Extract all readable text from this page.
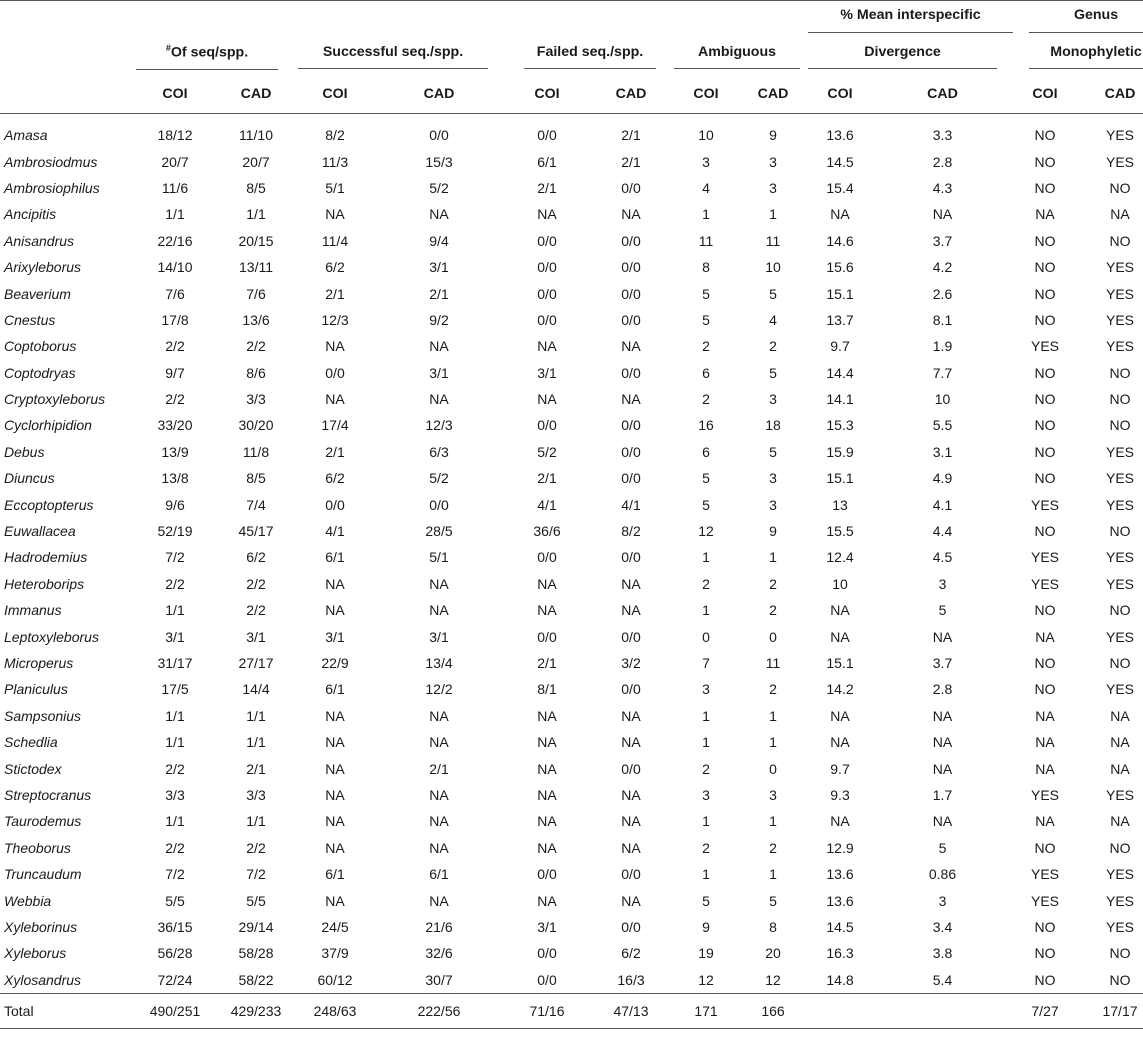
									% Mean interspecific		Genus	

	#Of seq/spp.		Successful seq./spp.		Failed seq./spp.		Ambiguous		Divergence		Monophyletic	

	COI	CAD	COI	CAD	COI	CAD	COI	CAD	COI	CAD	COI	CAD
Amasa	18/12	11/10	8/2	0/0	0/0	2/1	10	9	13.6	3.3	NO	YES
Ambrosiodmus	20/7	20/7	11/3	15/3	6/1	2/1	3	3	14.5	2.8	NO	YES
Ambrosiophilus	11/6	8/5	5/1	5/2	2/1	0/0	4	3	15.4	4.3	NO	NO
Ancipitis	1/1	1/1	NA	NA	NA	NA	1	1	NA	NA	NA	NA
Anisandrus	22/16	20/15	11/4	9/4	0/0	0/0	11	11	14.6	3.7	NO	NO
Arixyleborus	14/10	13/11	6/2	3/1	0/0	0/0	8	10	15.6	4.2	NO	YES
Beaverium	7/6	7/6	2/1	2/1	0/0	0/0	5	5	15.1	2.6	NO	YES
Cnestus	17/8	13/6	12/3	9/2	0/0	0/0	5	4	13.7	8.1	NO	YES
Coptoborus	2/2	2/2	NA	NA	NA	NA	2	2	9.7	1.9	YES	YES
Coptodryas	9/7	8/6	0/0	3/1	3/1	0/0	6	5	14.4	7.7	NO	NO
Cryptoxyleborus	2/2	3/3	NA	NA	NA	NA	2	3	14.1	10	NO	NO
Cyclorhipidion	33/20	30/20	17/4	12/3	0/0	0/0	16	18	15.3	5.5	NO	NO
Debus	13/9	11/8	2/1	6/3	5/2	0/0	6	5	15.9	3.1	NO	YES
Diuncus	13/8	8/5	6/2	5/2	2/1	0/0	5	3	15.1	4.9	NO	YES
Eccoptopterus	9/6	7/4	0/0	0/0	4/1	4/1	5	3	13	4.1	YES	YES
Euwallacea	52/19	45/17	4/1	28/5	36/6	8/2	12	9	15.5	4.4	NO	NO
Hadrodemius	7/2	6/2	6/1	5/1	0/0	0/0	1	1	12.4	4.5	YES	YES
Heteroborips	2/2	2/2	NA	NA	NA	NA	2	2	10	3	YES	YES
Immanus	1/1	2/2	NA	NA	NA	NA	1	2	NA	5	NO	NO
Leptoxyleborus	3/1	3/1	3/1	3/1	0/0	0/0	0	0	NA	NA	NA	YES
Microperus	31/17	27/17	22/9	13/4	2/1	3/2	7	11	15.1	3.7	NO	NO
Planiculus	17/5	14/4	6/1	12/2	8/1	0/0	3	2	14.2	2.8	NO	YES
Sampsonius	1/1	1/1	NA	NA	NA	NA	1	1	NA	NA	NA	NA
Schedlia	1/1	1/1	NA	NA	NA	NA	1	1	NA	NA	NA	NA
Stictodex	2/2	2/1	NA	2/1	NA	0/0	2	0	9.7	NA	NA	NA
Streptocranus	3/3	3/3	NA	NA	NA	NA	3	3	9.3	1.7	YES	YES
Taurodemus	1/1	1/1	NA	NA	NA	NA	1	1	NA	NA	NA	NA
Theoborus	2/2	2/2	NA	NA	NA	NA	2	2	12.9	5	NO	NO
Truncaudum	7/2	7/2	6/1	6/1	0/0	0/0	1	1	13.6	0.86	YES	YES
Webbia	5/5	5/5	NA	NA	NA	NA	5	5	13.6	3	YES	YES
Xyleborinus	36/15	29/14	24/5	21/6	3/1	0/0	9	8	14.5	3.4	NO	YES
Xyleborus	56/28	58/28	37/9	32/6	0/0	6/2	19	20	16.3	3.8	NO	NO
Xylosandrus	72/24	58/22	60/12	30/7	0/0	16/3	12	12	14.8	5.4	NO	NO
Total	490/251	429/233	248/63	222/56	71/16	47/13	171	166			7/27	17/17
